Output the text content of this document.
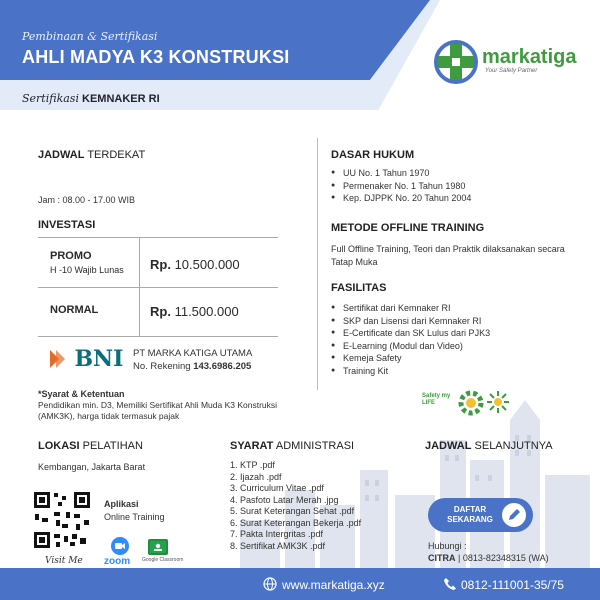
Pembinaan & Sertifikasi
AHLI MADYA K3 KONSTRUKSI
Sertifikasi KEMNAKER RI
markatiga
Your Safety Partner
JADWAL TERDEKAT
Jam : 08.00 - 17.00 WIB
INVESTASI
PROMO
H -10 Wajib Lunas Rp. 10.500.000
NORMAL	Rp. 11.500.000
BNI PT MARKA KATIGA UTAMA
No. Rekening 143.6986.205
*Syarat & Ketentuan
Pendidikan min. D3, Memiliki Sertifikat Ahli Muda K3 Konstruksi (AMK3K), harga tidak termasuk pajak
DASAR HUKUM
● UU No. 1 Tahun 1970
● Permenaker No. 1 Tahun 1980
● Kep. DJPPK No. 20 Tahun 2004
METODE OFFLINE TRAINING
Full Offline Training, Teori dan Praktik dilaksanakan secara Tatap Muka
FASILITAS
● Sertifikat dari Kemnaker RI
● SKP dan Lisensi dari Kemnaker RI
● E-Certificate dan SK Lulus dari PJK3
● E-Learning (Modul dan Video)
● Kemeja Safety
● Training Kit
Safety my LIFE
LOKASI PELATIHAN
Kembangan, Jakarta Barat
Visit Me
Aplikasi
Online Training
zoom Google Classroom
SYARAT ADMINISTRASI
1. KTP .pdf
2. Ijazah .pdf
3. Curriculum Vitae .pdf
4. Pasfoto Latar Merah .jpg
5. Surat Keterangan Sehat .pdf
6. Surat Keterangan Bekerja .pdf
7. Pakta Intergritas .pdf
8. Sertifikat AMK3K .pdf
JADWAL SELANJUTNYA
DAFTAR
SEKARANG
Hubungi :
CITRA | 0813-82348315 (WA)
www.markatiga.xyz	0812-111001-35/75
